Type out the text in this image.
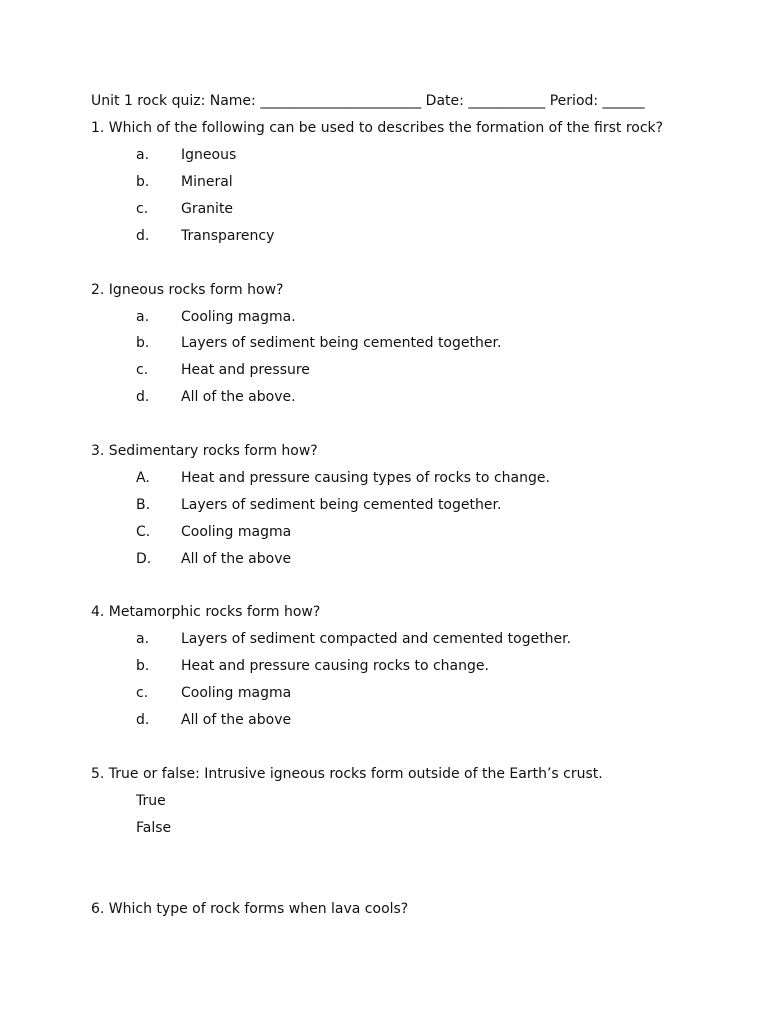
Unit 1 rock quiz: Name: _______________________ Date: ___________ Period: ______
1. Which of the following can be used to describes the formation of the first rock?
a. Igneous
b. Mineral
c. Granite
d. Transparency
2. Igneous rocks form how?
a. Cooling magma.
b. Layers of sediment being cemented together.
c. Heat and pressure
d. All of the above.
3. Sedimentary rocks form how?
A. Heat and pressure causing types of rocks to change.
B. Layers of sediment being cemented together.
C. Cooling magma
D. All of the above
4. Metamorphic rocks form how?
a. Layers of sediment compacted and cemented together.
b. Heat and pressure causing rocks to change.
c. Cooling magma
d. All of the above
5. True or false: Intrusive igneous rocks form outside of the Earth’s crust.
True
False
6. Which type of rock forms when lava cools?
